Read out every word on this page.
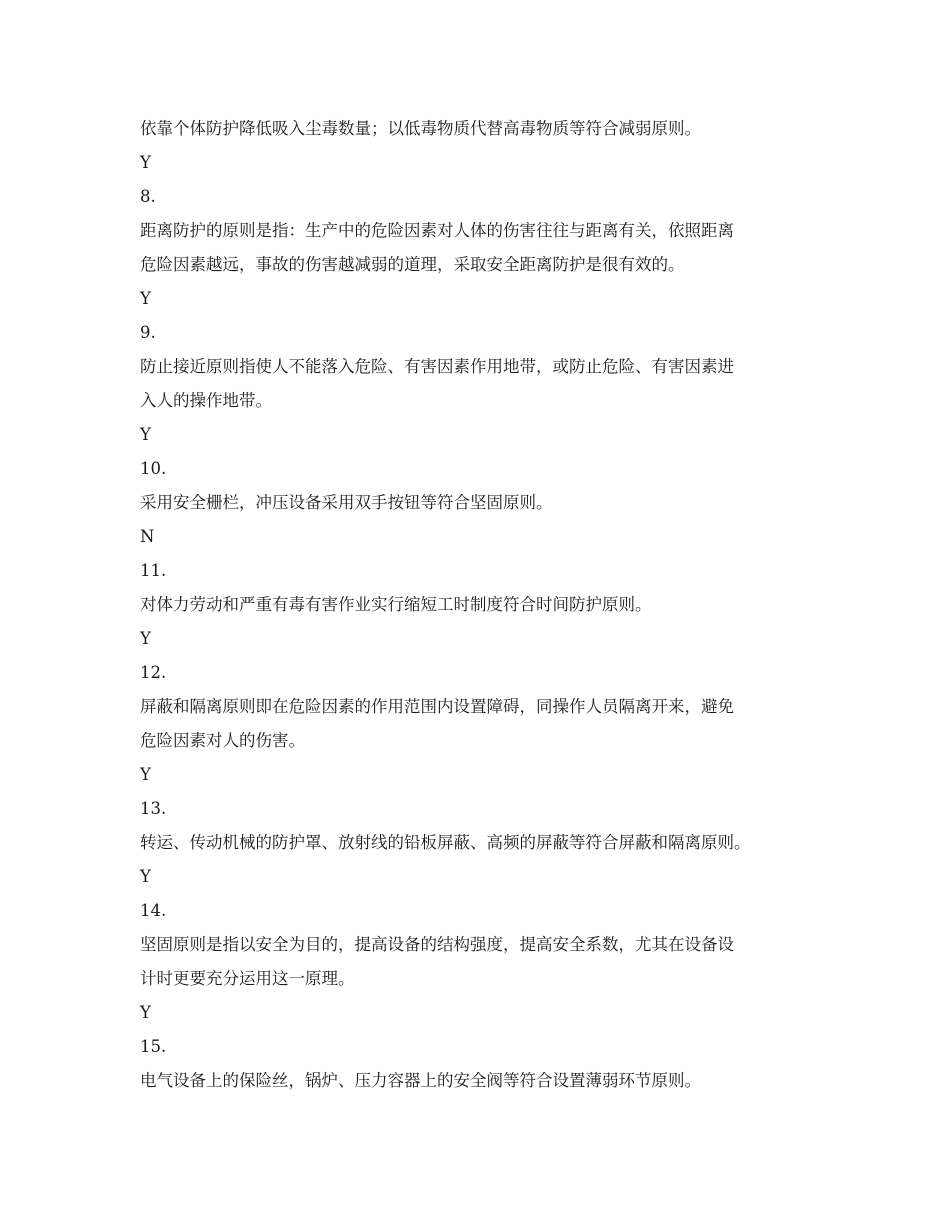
依靠个体防护降低吸入尘毒数量；以低毒物质代替高毒物质等符合减弱原则。
Y
8.
距离防护的原则是指：生产中的危险因素对人体的伤害往往与距离有关，依照距离
危险因素越远，事故的伤害越减弱的道理，采取安全距离防护是很有效的。
Y
9.
防止接近原则指使人不能落入危险、有害因素作用地带，或防止危险、有害因素进
入人的操作地带。
Y
10.
采用安全栅栏，冲压设备采用双手按钮等符合坚固原则。
N
11.
对体力劳动和严重有毒有害作业实行缩短工时制度符合时间防护原则。
Y
12.
屏蔽和隔离原则即在危险因素的作用范围内设置障碍，同操作人员隔离开来，避免
危险因素对人的伤害。
Y
13.
转运、传动机械的防护罩、放射线的铅板屏蔽、高频的屏蔽等符合屏蔽和隔离原则。
Y
14.
坚固原则是指以安全为目的，提高设备的结构强度，提高安全系数，尤其在设备设
计时更要充分运用这一原理。
Y
15.
电气设备上的保险丝，锅炉、压力容器上的安全阀等符合设置薄弱环节原则。
